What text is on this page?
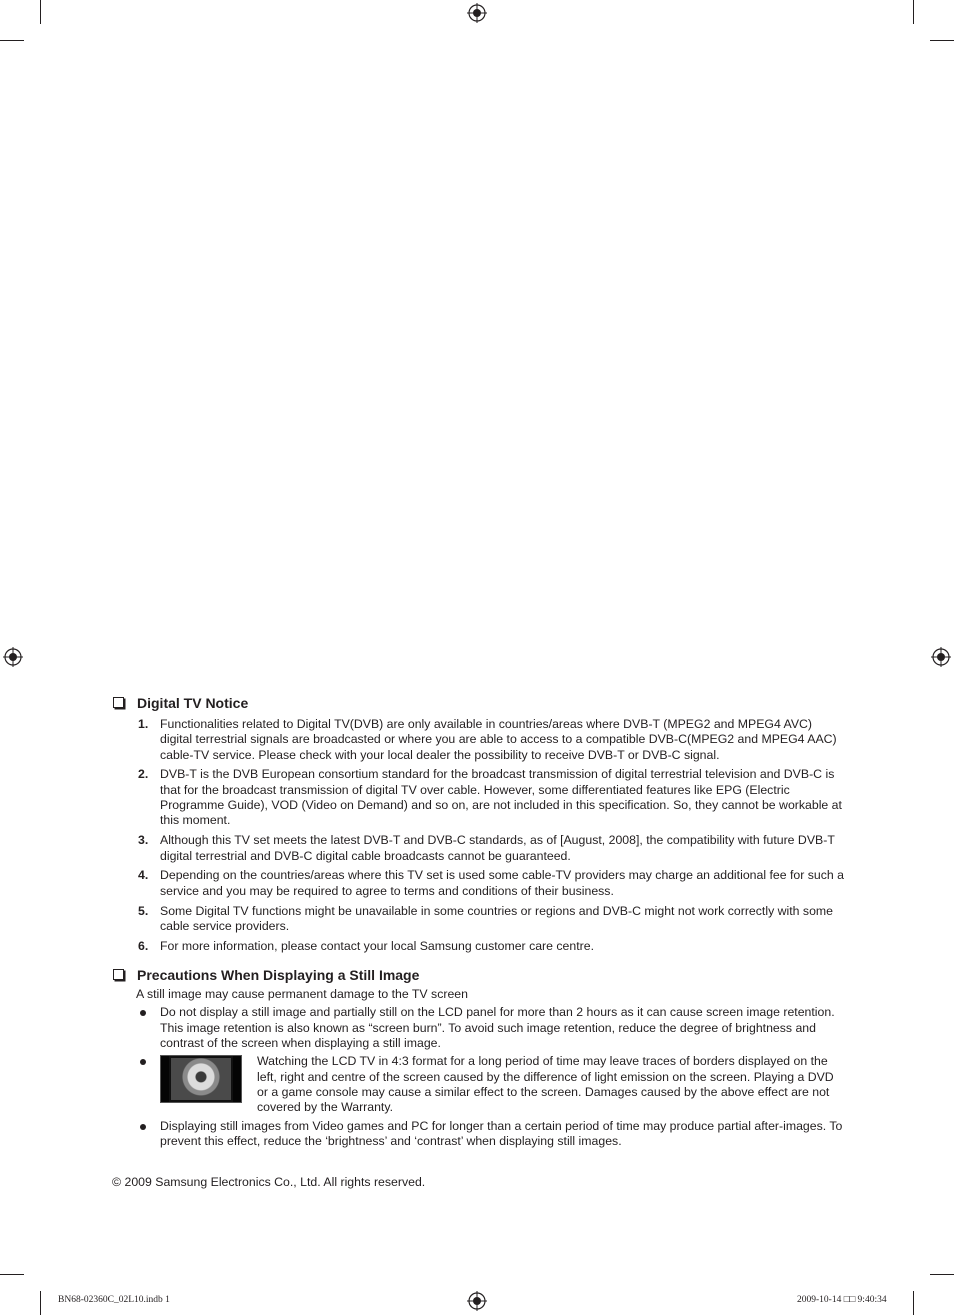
Digital TV Notice
1. Functionalities related to Digital TV(DVB) are only available in countries/areas where DVB-T (MPEG2 and MPEG4 AVC) digital terrestrial signals are broadcasted or where you are able to access to a compatible DVB-C(MPEG2 and MPEG4 AAC) cable-TV service. Please check with your local dealer the possibility to receive DVB-T or DVB-C signal.
2. DVB-T is the DVB European consortium standard for the broadcast transmission of digital terrestrial television and DVB-C is that for the broadcast transmission of digital TV over cable. However, some differentiated features like EPG (Electric Programme Guide), VOD (Video on Demand) and so on, are not included in this specification. So, they cannot be workable at this moment.
3. Although this TV set meets the latest DVB-T and DVB-C standards, as of [August, 2008], the compatibility with future DVB-T digital terrestrial and DVB-C digital cable broadcasts cannot be guaranteed.
4. Depending on the countries/areas where this TV set is used some cable-TV providers may charge an additional fee for such a service and you may be required to agree to terms and conditions of their business.
5. Some Digital TV functions might be unavailable in some countries or regions and DVB-C might not work correctly with some cable service providers.
6. For more information, please contact your local Samsung customer care centre.
Precautions When Displaying a Still Image
A still image may cause permanent damage to the TV screen
Do not display a still image and partially still on the LCD panel for more than 2 hours as it can cause screen image retention. This image retention is also known as “screen burn”. To avoid such image retention, reduce the degree of brightness and contrast of the screen when displaying a still image.
Watching the LCD TV in 4:3 format for a long period of time may leave traces of borders displayed on the left, right and centre of the screen caused by the difference of light emission on the screen. Playing a DVD or a game console may cause a similar effect to the screen. Damages caused by the above effect are not covered by the Warranty.
Displaying still images from Video games and PC for longer than a certain period of time may produce partial after-images. To prevent this effect, reduce the ‘brightness’ and ‘contrast’ when displaying still images.
© 2009 Samsung Electronics Co., Ltd. All rights reserved.
BN68-02360C_02L10.indb 1	2009-10-14 □□ 9:40:34
